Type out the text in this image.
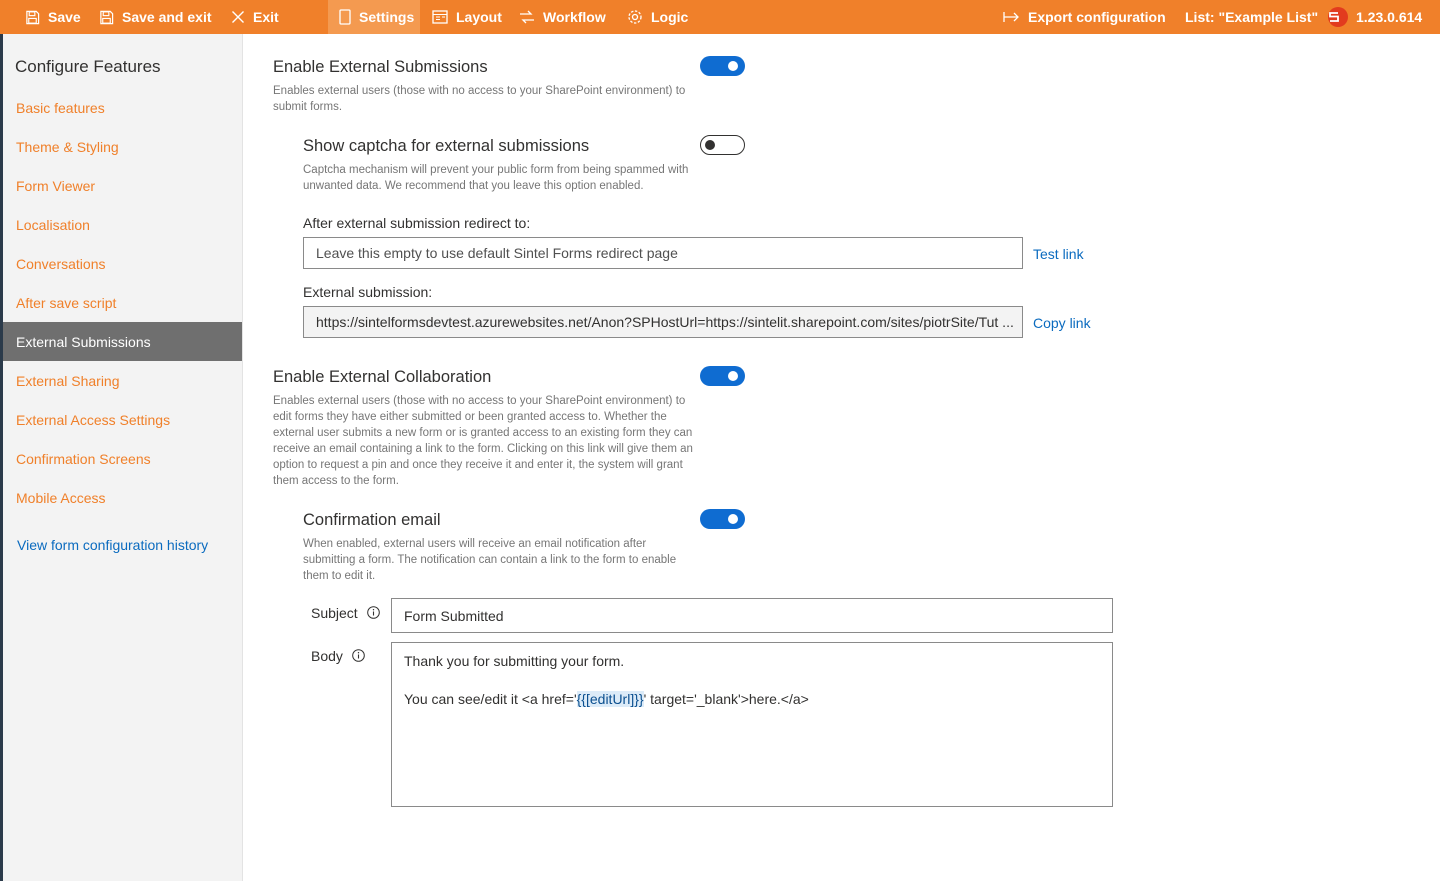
Save	Save and exit	Exit	Settings	Layout	Workflow	Logic	Export configuration List: "Example List"	1.23.0.614
Configure Features
Basic features
Theme & Styling
Form Viewer
Localisation
Conversations
After save script
External Submissions
External Sharing
External Access Settings
Confirmation Screens
Mobile Access
View form configuration history
Enable External Submissions
Enables external users (those with no access to your SharePoint environment) to submit forms.
Show captcha for external submissions
Captcha mechanism will prevent your public form from being spammed with unwanted data. We recommend that you leave this option enabled.
After external submission redirect to:
Leave this empty to use default Sintel Forms redirect page	Test link
External submission:
https://sintelformsdevtest.azurewebsites.net/Anon?SPHostUrl=https://sintelit.sharepoint.com/sites/piotrSite/Tut ... Copy link
Enable External Collaboration
Enables external users (those with no access to your SharePoint environment) to edit forms they have either submitted or been granted access to. Whether the external user submits a new form or is granted access to an existing form they can receive an email containing a link to the form. Clicking on this link will give them an option to request a pin and once they receive it and enter it, the system will grant them access to the form.
Confirmation email
When enabled, external users will receive an email notification after submitting a form. The notification can contain a link to the form to enable them to edit it.
Subject	Form Submitted
Body	Thank you for submitting your form.

You can see/edit it <a href='{{[editUrl]}}' target='_blank'>here.</a>
